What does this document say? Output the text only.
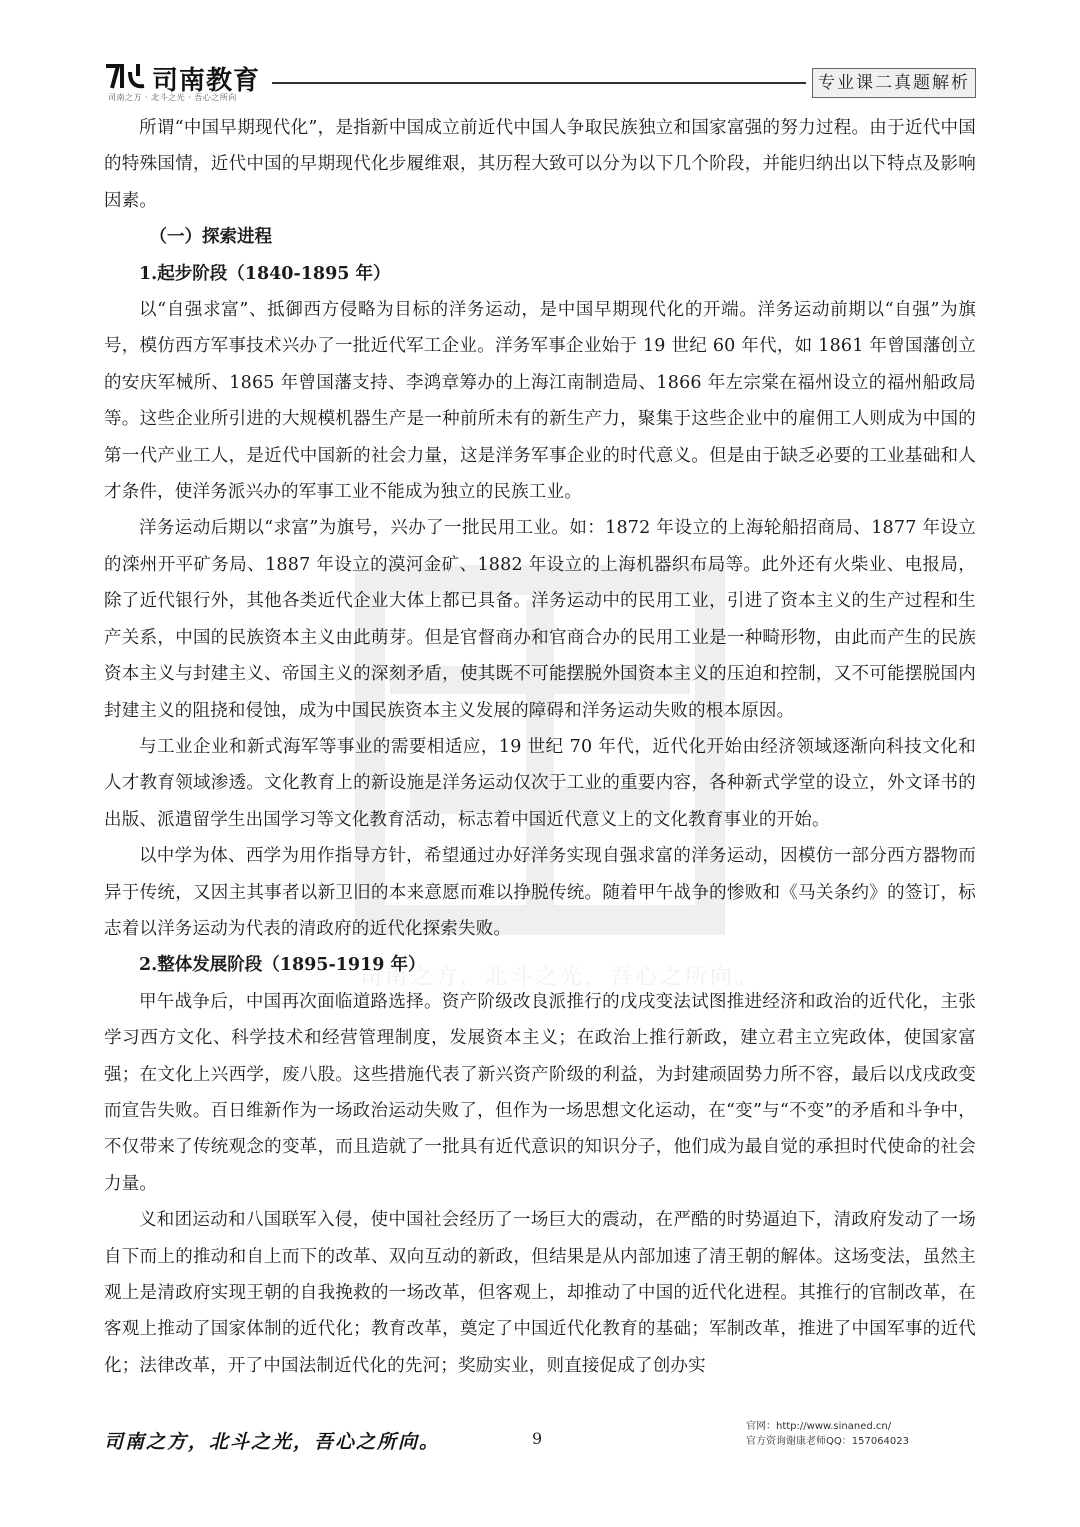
司南之方，北斗之光，吾心之所向。
司南教育
司南之方 · 北斗之光 · 吾心之所向
专业课二真题解析

所谓“中国早期现代化”，是指新中国成立前近代中国人争取民族独立和国家富强的努力过程。由于近代中国的特殊国情，近代中国的早期现代化步履维艰，其历程大致可以分为以下几个阶段，并能归纳出以下特点及影响因素。

（一）探索进程

1.起步阶段（1840-1895 年）

以“自强求富”、抵御西方侵略为目标的洋务运动，是中国早期现代化的开端。洋务运动前期以“自强”为旗号，模仿西方军事技术兴办了一批近代军工企业。洋务军事企业始于 19 世纪 60 年代，如 1861 年曾国藩创立的安庆军械所、1865 年曾国藩支持、李鸿章筹办的上海江南制造局、1866 年左宗棠在福州设立的福州船政局等。这些企业所引进的大规模机器生产是一种前所未有的新生产力，聚集于这些企业中的雇佣工人则成为中国的第一代产业工人，是近代中国新的社会力量，这是洋务军事企业的时代意义。但是由于缺乏必要的工业基础和人才条件，使洋务派兴办的军事工业不能成为独立的民族工业。

洋务运动后期以“求富”为旗号，兴办了一批民用工业。如：1872 年设立的上海轮船招商局、1877 年设立的滦州开平矿务局、1887 年设立的漠河金矿、1882 年设立的上海机器织布局等。此外还有火柴业、电报局，除了近代银行外，其他各类近代企业大体上都已具备。洋务运动中的民用工业，引进了资本主义的生产过程和生产关系，中国的民族资本主义由此萌芽。但是官督商办和官商合办的民用工业是一种畸形物，由此而产生的民族资本主义与封建主义、帝国主义的深刻矛盾，使其既不可能摆脱外国资本主义的压迫和控制，又不可能摆脱国内封建主义的阻挠和侵蚀，成为中国民族资本主义发展的障碍和洋务运动失败的根本原因。

与工业企业和新式海军等事业的需要相适应，19 世纪 70 年代，近代化开始由经济领域逐渐向科技文化和人才教育领域渗透。文化教育上的新设施是洋务运动仅次于工业的重要内容，各种新式学堂的设立，外文译书的出版、派遣留学生出国学习等文化教育活动，标志着中国近代意义上的文化教育事业的开始。

以中学为体、西学为用作指导方针，希望通过办好洋务实现自强求富的洋务运动，因模仿一部分西方器物而异于传统，又因主其事者以新卫旧的本来意愿而难以挣脱传统。随着甲午战争的惨败和《马关条约》的签订，标志着以洋务运动为代表的清政府的近代化探索失败。

2.整体发展阶段（1895-1919 年）

甲午战争后，中国再次面临道路选择。资产阶级改良派推行的戊戌变法试图推进经济和政治的近代化，主张学习西方文化、科学技术和经营管理制度，发展资本主义；在政治上推行新政，建立君主立宪政体，使国家富强；在文化上兴西学，废八股。这些措施代表了新兴资产阶级的利益，为封建顽固势力所不容，最后以戊戌政变而宣告失败。百日维新作为一场政治运动失败了，但作为一场思想文化运动，在“变”与“不变”的矛盾和斗争中，不仅带来了传统观念的变革，而且造就了一批具有近代意识的知识分子，他们成为最自觉的承担时代使命的社会力量。

义和团运动和八国联军入侵，使中国社会经历了一场巨大的震动，在严酷的时势逼迫下，清政府发动了一场自下而上的推动和自上而下的改革、双向互动的新政，但结果是从内部加速了清王朝的解体。这场变法，虽然主观上是清政府实现王朝的自我挽救的一场改革，但客观上，却推动了中国的近代化进程。其推行的官制改革，在客观上推动了国家体制的近代化；教育改革，奠定了中国近代化教育的基础；军制改革，推进了中国军事的近代化；法律改革，开了中国法制近代化的先河；奖励实业，则直接促成了创办实

司南之方，北斗之光，吾心之所向。	9
官网：http://www.sinaned.cn/
官方资询谢康老师QQ：157064023
